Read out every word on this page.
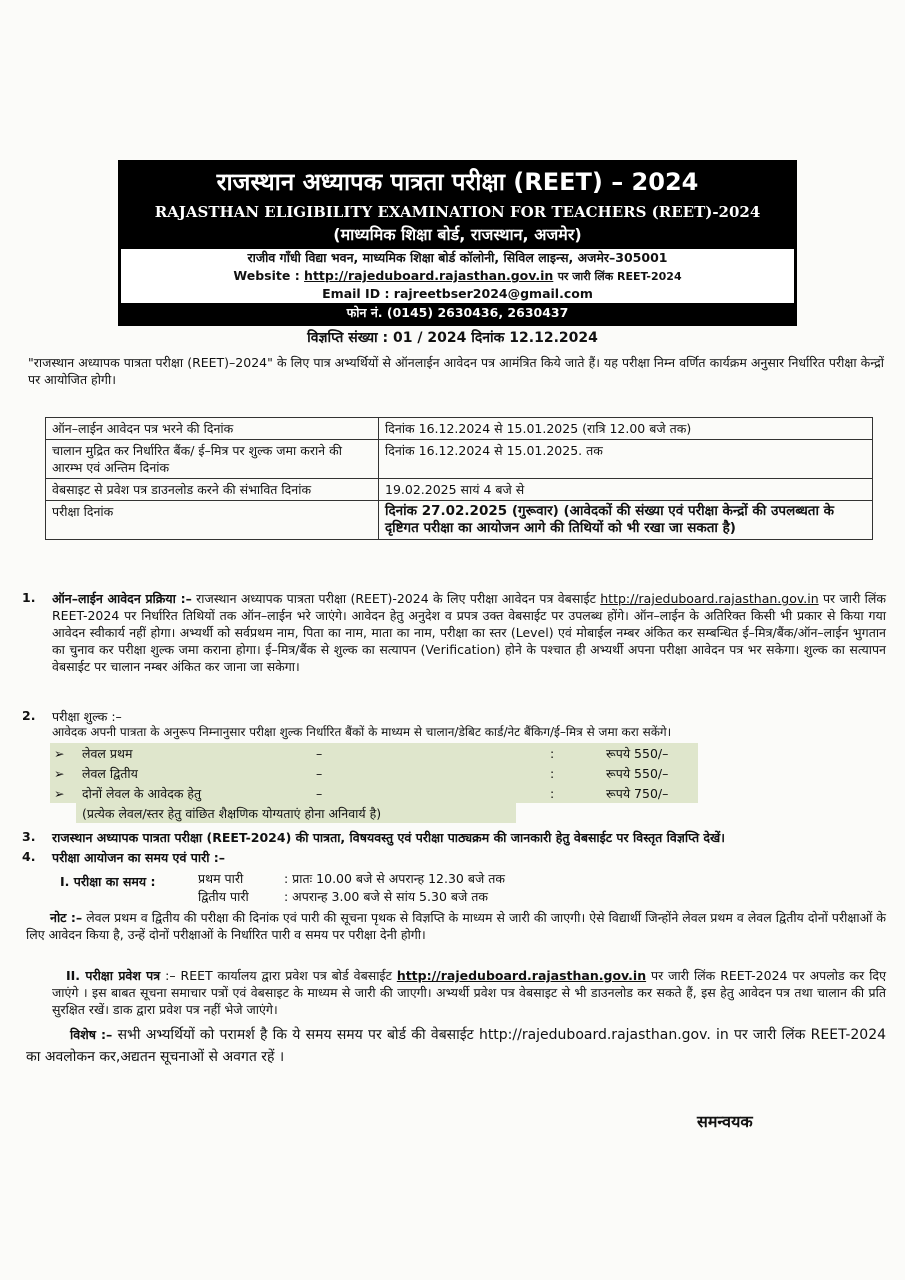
राजस्थान अध्यापक पात्रता परीक्षा (REET) – 2024
RAJASTHAN ELIGIBILITY EXAMINATION FOR TEACHERS (REET)-2024
(माध्यमिक शिक्षा बोर्ड, राजस्थान, अजमेर)
राजीव गाँधी विद्या भवन, माध्यमिक शिक्षा बोर्ड कॉलोनी, सिविल लाइन्स, अजमेर–305001
Website : http://rajeduboard.rajasthan.gov.in पर जारी लिंक REET-2024
Email ID : rajreetbser2024@gmail.com
फोन नं. (0145) 2630436, 2630437
विज्ञप्ति संख्या : 01 / 2024 दिनांक 12.12.2024
"राजस्थान अध्यापक पात्रता परीक्षा (REET)–2024" के लिए पात्र अभ्यर्थियों से ऑनलाईन आवेदन पत्र आमंत्रित किये जाते हैं। यह परीक्षा निम्न वर्णित कार्यक्रम अनुसार निर्धारित परीक्षा केन्द्रों पर आयोजित होगी।
ऑन–लाईन आवेदन पत्र भरने की दिनांक	दिनांक 16.12.2024 से 15.01.2025 (रात्रि 12.00 बजे तक)
चालान मुद्रित कर निर्धारित बैंक/ ई–मित्र पर शुल्क जमा कराने की आरम्भ एवं अन्तिम दिनांक	दिनांक 16.12.2024 से 15.01.2025. तक
वेबसाइट से प्रवेश पत्र डाउनलोड करने की संभावित दिनांक	19.02.2025 सायं 4 बजे से
परीक्षा दिनांक	दिनांक 27.02.2025 (गुरूवार) (आवेदकों की संख्या एवं परीक्षा केन्द्रों की उपलब्धता के दृष्टिगत परीक्षा का आयोजन आगे की तिथियों को भी रखा जा सकता है)
1. ऑन–लाईन आवेदन प्रक्रिया :– राजस्थान अध्यापक पात्रता परीक्षा (REET)-2024 के लिए परीक्षा आवेदन पत्र वेबसाईट http://rajeduboard.rajasthan.gov.in पर जारी लिंक REET-2024 पर निर्धारित तिथियों तक ऑन–लाईन भरे जाएंगे। आवेदन हेतु अनुदेश व प्रपत्र उक्त वेबसाईट पर उपलब्ध होंगे। ऑन–लाईन के अतिरिक्त किसी भी प्रकार से किया गया आवेदन स्वीकार्य नहीं होगा। अभ्यर्थी को सर्वप्रथम नाम, पिता का नाम, माता का नाम, परीक्षा का स्तर (Level) एवं मोबाईल नम्बर अंकित कर सम्बन्धित ई–मित्र/बैंक/ऑन–लाईन भुगतान का चुनाव कर परीक्षा शुल्क जमा कराना होगा। ई–मित्र/बैंक से शुल्क का सत्यापन (Verification) होने के पश्चात ही अभ्यर्थी अपना परीक्षा आवेदन पत्र भर सकेगा। शुल्क का सत्यापन वेबसाईट पर चालान नम्बर अंकित कर जाना जा सकेगा।
2. परीक्षा शुल्क :–
आवेदक अपनी पात्रता के अनुरूप निम्नानुसार परीक्षा शुल्क निर्धारित बैंकों के माध्यम से चालान/डेबिट कार्ड/नेट बैंकिग/ई–मित्र से जमा करा सकेंगे।
➢ लेवल प्रथम	–	:	रूपये 550/–
➢ लेवल द्वितीय	–	:	रूपये 550/–
➢ दोनों लेवल के आवेदक हेतु	–	:	रूपये 750/–
(प्रत्येक लेवल/स्तर हेतु वांछित शैक्षणिक योग्यताएं होना अनिवार्य है)
3. राजस्थान अध्यापक पात्रता परीक्षा (REET-2024) की पात्रता, विषयवस्तु एवं परीक्षा पाठ्यक्रम की जानकारी हेतु वेबसाईट पर विस्तृत विज्ञप्ति देखें।
4. परीक्षा आयोजन का समय एवं पारी :–
I. परीक्षा का समय :	प्रथम पारी	: प्रातः 10.00 बजे से अपरान्ह 12.30 बजे तक
द्वितीय पारी	: अपरान्ह 3.00 बजे से सांय 5.30 बजे तक
नोट :– लेवल प्रथम व द्वितीय की परीक्षा की दिनांक एवं पारी की सूचना पृथक से विज्ञप्ति के माध्यम से जारी की जाएगी। ऐसे विद्यार्थी जिन्होंने लेवल प्रथम व लेवल द्वितीय दोनों परीक्षाओं के लिए आवेदन किया है, उन्हें दोनों परीक्षाओं के निर्धारित पारी व समय पर परीक्षा देनी होगी।
II. परीक्षा प्रवेश पत्र :– REET कार्यालय द्वारा प्रवेश पत्र बोर्ड वेबसाईट http://rajeduboard.rajasthan.gov.in पर जारी लिंक REET-2024 पर अपलोड कर दिए जाएंगे । इस बाबत सूचना समाचार पत्रों एवं वेबसाइट के माध्यम से जारी की जाएगी। अभ्यर्थी प्रवेश पत्र वेबसाइट से भी डाउनलोड कर सकते हैं, इस हेतु आवेदन पत्र तथा चालान की प्रति सुरक्षित रखें। डाक द्वारा प्रवेश पत्र नहीं भेजे जाएंगे।
विशेष :– सभी अभ्यर्थियों को परामर्श है कि ये समय समय पर बोर्ड की वेबसाईट http://rajeduboard.rajasthan.gov. in पर जारी लिंक REET-2024 का अवलोकन कर,अद्यतन सूचनाओं से अवगत रहें ।
समन्वयक
